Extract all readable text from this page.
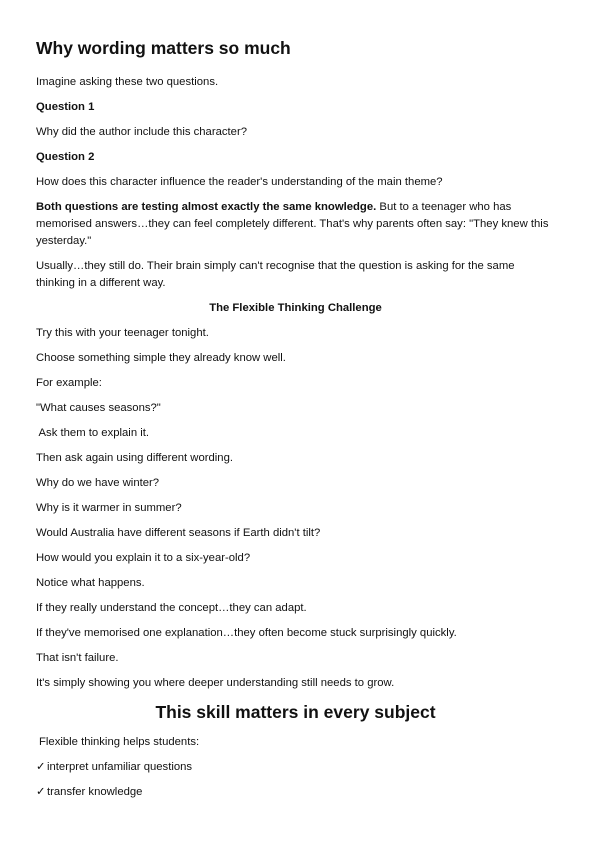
Why wording matters so much
Imagine asking these two questions.
Question 1
Why did the author include this character?
Question 2
How does this character influence the reader's understanding of the main theme?
Both questions are testing almost exactly the same knowledge. But to a teenager who has memorised answers…they can feel completely different. That's why parents often say: "They knew this yesterday."
Usually…they still do. Their brain simply can't recognise that the question is asking for the same thinking in a different way.
The Flexible Thinking Challenge
Try this with your teenager tonight.
Choose something simple they already know well.
For example:
"What causes seasons?"
Ask them to explain it.
Then ask again using different wording.
Why do we have winter?
Why is it warmer in summer?
Would Australia have different seasons if Earth didn't tilt?
How would you explain it to a six-year-old?
Notice what happens.
If they really understand the concept…they can adapt.
If they've memorised one explanation…they often become stuck surprisingly quickly.
That isn't failure.
It's simply showing you where deeper understanding still needs to grow.
This skill matters in every subject
Flexible thinking helps students:
✓ interpret unfamiliar questions
✓ transfer knowledge
